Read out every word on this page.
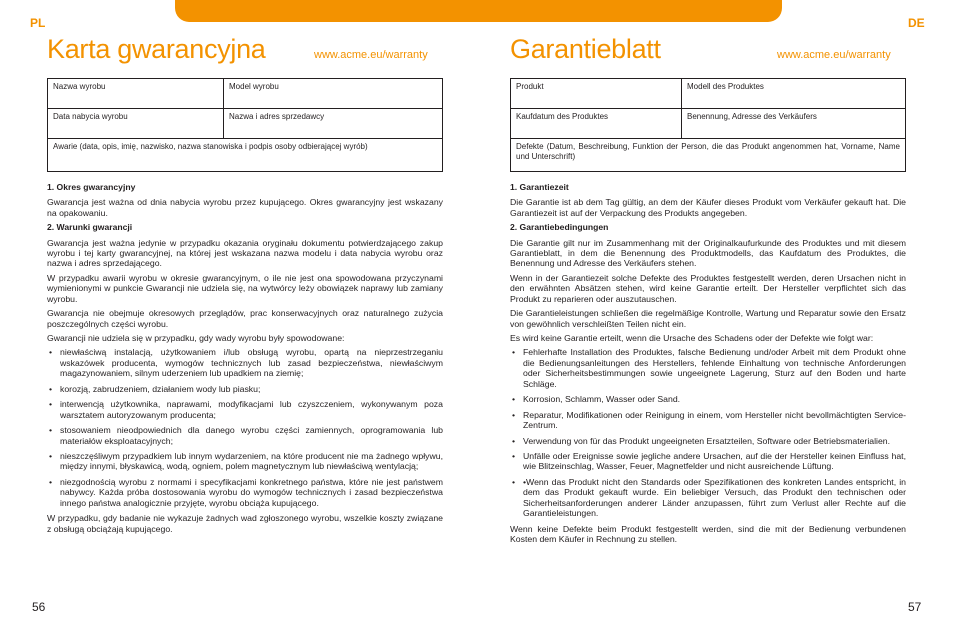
PL
Karta gwarancyjna	www.acme.eu/warranty
Nazwa wyrobu	Model wyrobu
Data nabycia wyrobu	Nazwa i adres sprzedawcy
Awarie (data, opis, imię, nazwisko, nazwa stanowiska i podpis osoby odbierającej wyrób)	
1. Okres gwarancyjny

Gwarancja jest ważna od dnia nabycia wyrobu przez kupującego. Okres gwarancyjny jest wskazany na opakowaniu.

2. Warunki gwarancji

Gwarancja jest ważna jedynie w przypadku okazania oryginału dokumentu potwierdzającego zakup wyrobu i tej karty gwarancyjnej, na której jest wskazana nazwa modelu i data nabycia wyrobu oraz nazwa i adres sprzedającego.

W przypadku awarii wyrobu w okresie gwarancyjnym, o ile nie jest ona spowodowana przyczynami wymienionymi w punkcie Gwarancji nie udziela się, na wytwórcy leży obowiązek naprawy lub zamiany wyrobu.

Gwarancja nie obejmuje okresowych przeglądów, prac konserwacyjnych oraz naturalnego zużycia poszczególnych części wyrobu.

Gwarancji nie udziela się w przypadku, gdy wady wyrobu były spowodowane:

• niewłaściwą instalacją, użytkowaniem i/lub obsługą wyrobu, opartą na nieprzestrzeganiu wskazówek producenta, wymogów technicznych lub zasad bezpieczeństwa, niewłaściwym magazynowaniem, silnym uderzeniem lub upadkiem na ziemię;
• korozją, zabrudzeniem, działaniem wody lub piasku;
• interwencją użytkownika, naprawami, modyfikacjami lub czyszczeniem, wykonywanym poza warsztatem autoryzowanym producenta;
• stosowaniem nieodpowiednich dla danego wyrobu części zamiennych, oprogramowania lub materiałów eksploatacyjnych;
• nieszczęśliwym przypadkiem lub innym wydarzeniem, na które producent nie ma żadnego wpływu, między innymi, błyskawicą, wodą, ogniem, polem magnetycznym lub niewłaściwą wentylacją;
• niezgodnością wyrobu z normami i specyfikacjami konkretnego państwa, które nie jest państwem nabywcy. Każda próba dostosowania wyrobu do wymogów technicznych i zasad bezpieczeństwa innego państwa analogicznie przyjęte, wyrobu obciąża kupującego.

W przypadku, gdy badanie nie wykazuje żadnych wad zgłoszonego wyrobu, wszelkie koszty związane z obsługą obciążają kupującego.

56
DE
Garantieblatt	www.acme.eu/warranty
Produkt	Modell des Produktes
Kaufdatum des Produktes	Benennung, Adresse des Verkäufers
Defekte (Datum, Beschreibung, Funktion der Person, die das Produkt angenommen hat, Vorname, Name und Unterschrift)	
1. Garantiezeit

Die Garantie ist ab dem Tag gültig, an dem der Käufer dieses Produkt vom Verkäufer gekauft hat. Die Garantiezeit ist auf der Verpackung des Produkts angegeben.

2. Garantiebedingungen

Die Garantie gilt nur im Zusammenhang mit der Originalkaufurkunde des Produktes und mit diesem Garantieblatt, in dem die Benennung des Produktmodells, das Kaufdatum des Produktes, die Benennung und Adresse des Verkäufers stehen.

Wenn in der Garantiezeit solche Defekte des Produktes festgestellt werden, deren Ursachen nicht in den erwähnten Absätzen stehen, wird keine Garantie erteilt. Der Hersteller verpflichtet sich das Produkt zu reparieren oder auszutauschen.

Die Garantieleistungen schließen die regelmäßige Kontrolle, Wartung und Reparatur sowie den Ersatz von gewöhnlich verschleißten Teilen nicht ein.

Es wird keine Garantie erteilt, wenn die Ursache des Schadens oder der Defekte wie folgt war:

• Fehlerhafte Installation des Produktes, falsche Bedienung und/oder Arbeit mit dem Produkt ohne die Bedienungsanleitungen des Herstellers, fehlende Einhaltung von technische Anforderungen oder Sicherheitsbestimmungen sowie ungeeignete Lagerung, Sturz auf den Boden und harte Schläge.
• Korrosion, Schlamm, Wasser oder Sand.
• Reparatur, Modifikationen oder Reinigung in einem, vom Hersteller nicht bevollmächtigten Service-Zentrum.
• Verwendung von für das Produkt ungeeigneten Ersatzteilen, Software oder Betriebsmaterialien.
• Unfälle oder Ereignisse sowie jegliche andere Ursachen, auf die der Hersteller keinen Einfluss hat, wie Blitzeinschlag, Wasser, Feuer, Magnetfelder und nicht ausreichende Lüftung.
• •Wenn das Produkt nicht den Standards oder Spezifikationen des konkreten Landes entspricht, in dem das Produkt gekauft wurde. Ein beliebiger Versuch, das Produkt den technischen oder Sicherheitsanforderungen anderer Länder anzupassen, führt zum Verlust aller Rechte auf die Garantieleistungen.

Wenn keine Defekte beim Produkt festgestellt werden, sind die mit der Bedienung verbundenen Kosten dem Käufer in Rechnung zu stellen.

57
